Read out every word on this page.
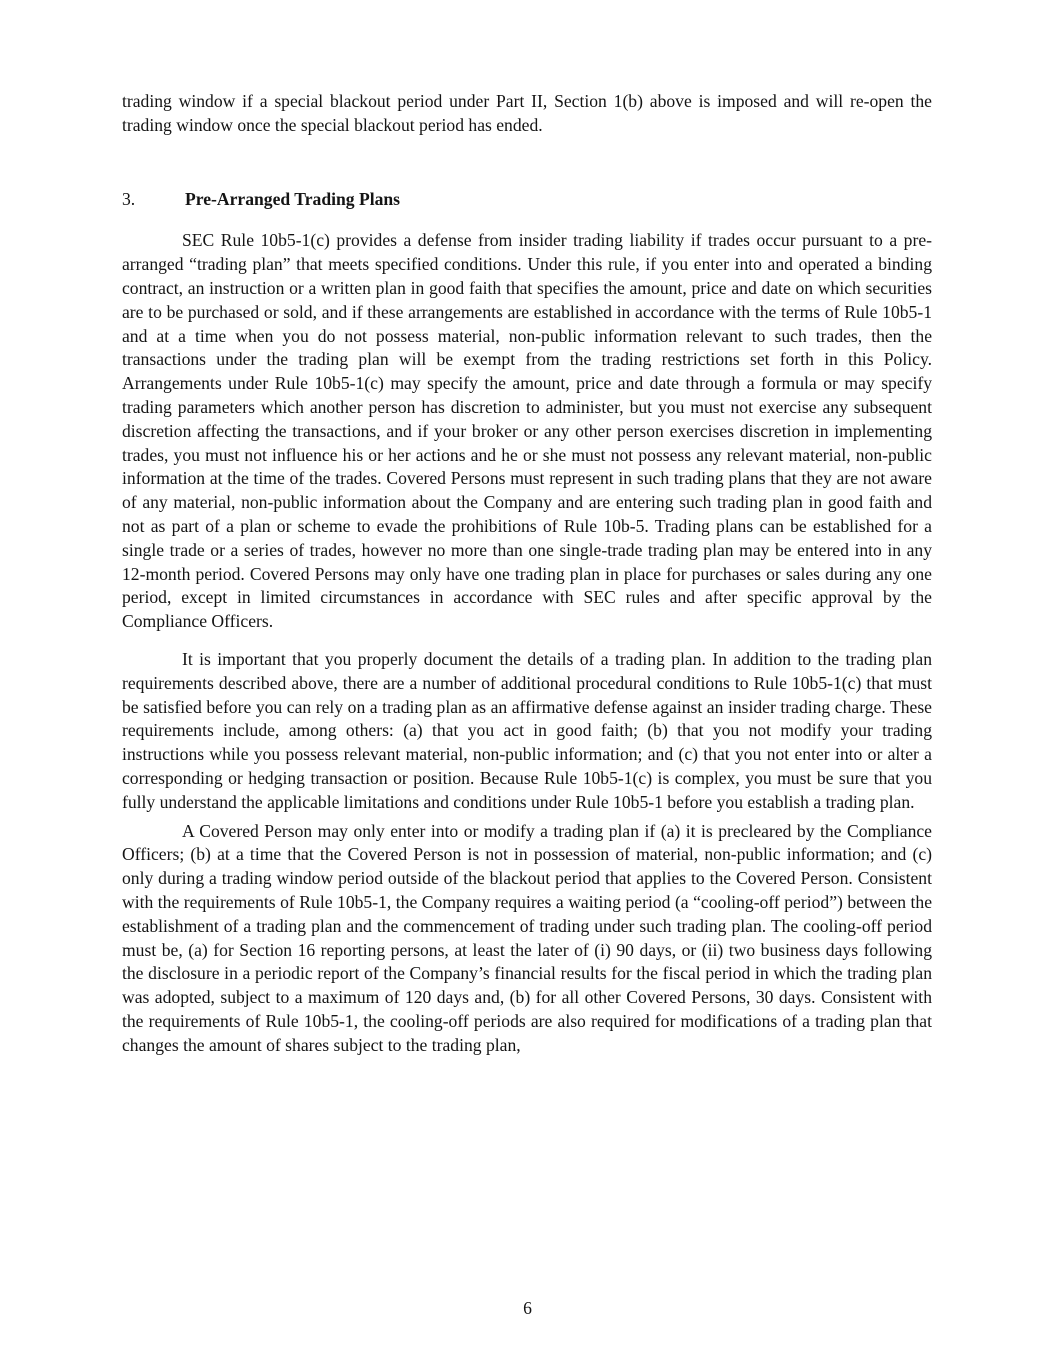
trading window if a special blackout period under Part II, Section 1(b) above is imposed and will re-open the trading window once the special blackout period has ended.

3.	Pre-Arranged Trading Plans

SEC Rule 10b5-1(c) provides a defense from insider trading liability if trades occur pursuant to a pre-arranged “trading plan” that meets specified conditions. Under this rule, if you enter into and operated a binding contract, an instruction or a written plan in good faith that specifies the amount, price and date on which securities are to be purchased or sold, and if these arrangements are established in accordance with the terms of Rule 10b5-1 and at a time when you do not possess material, non-public information relevant to such trades, then the transactions under the trading plan will be exempt from the trading restrictions set forth in this Policy. Arrangements under Rule 10b5-1(c) may specify the amount, price and date through a formula or may specify trading parameters which another person has discretion to administer, but you must not exercise any subsequent discretion affecting the transactions, and if your broker or any other person exercises discretion in implementing trades, you must not influence his or her actions and he or she must not possess any relevant material, non-public information at the time of the trades. Covered Persons must represent in such trading plans that they are not aware of any material, non-public information about the Company and are entering such trading plan in good faith and not as part of a plan or scheme to evade the prohibitions of Rule 10b-5. Trading plans can be established for a single trade or a series of trades, however no more than one single-trade trading plan may be entered into in any 12-month period. Covered Persons may only have one trading plan in place for purchases or sales during any one period, except in limited circumstances in accordance with SEC rules and after specific approval by the Compliance Officers.

It is important that you properly document the details of a trading plan. In addition to the trading plan requirements described above, there are a number of additional procedural conditions to Rule 10b5-1(c) that must be satisfied before you can rely on a trading plan as an affirmative defense against an insider trading charge. These requirements include, among others: (a) that you act in good faith; (b) that you not modify your trading instructions while you possess relevant material, non-public information; and (c) that you not enter into or alter a corresponding or hedging transaction or position. Because Rule 10b5-1(c) is complex, you must be sure that you fully understand the applicable limitations and conditions under Rule 10b5-1 before you establish a trading plan.

A Covered Person may only enter into or modify a trading plan if (a) it is precleared by the Compliance Officers; (b) at a time that the Covered Person is not in possession of material, non-public information; and (c) only during a trading window period outside of the blackout period that applies to the Covered Person. Consistent with the requirements of Rule 10b5-1, the Company requires a waiting period (a “cooling-off period”) between the establishment of a trading plan and the commencement of trading under such trading plan. The cooling-off period must be, (a) for Section 16 reporting persons, at least the later of (i) 90 days, or (ii) two business days following the disclosure in a periodic report of the Company’s financial results for the fiscal period in which the trading plan was adopted, subject to a maximum of 120 days and, (b) for all other Covered Persons, 30 days. Consistent with the requirements of Rule 10b5-1, the cooling-off periods are also required for modifications of a trading plan that changes the amount of shares subject to the trading plan,

6
